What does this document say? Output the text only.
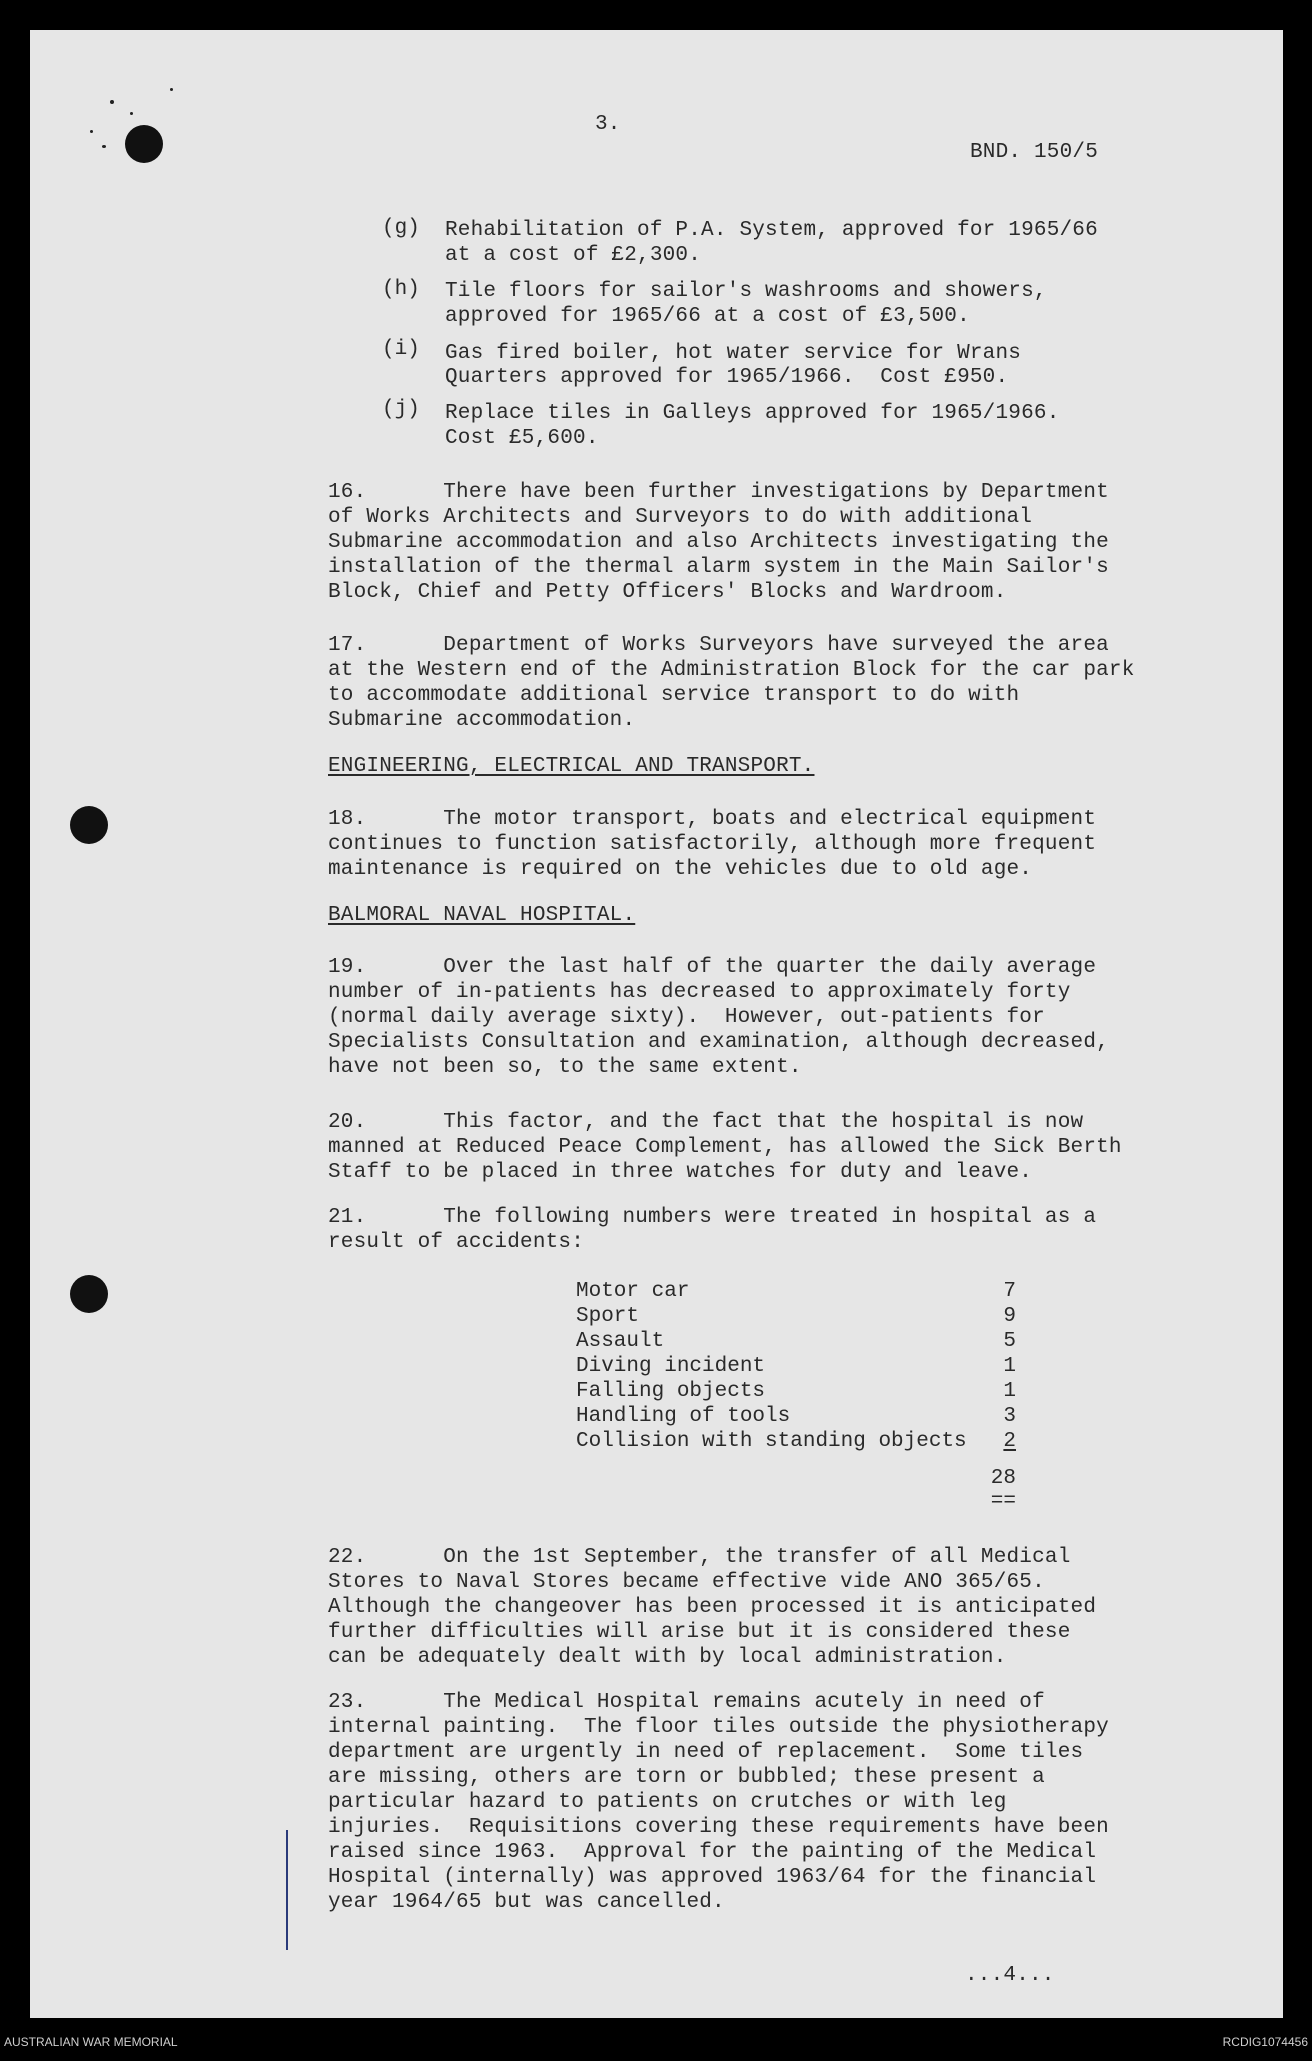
3.
BND. 150/5
(g) Rehabilitation of P.A. System, approved for 1965/66
at a cost of £2,300.
(h) Tile floors for sailor's washrooms and showers,
approved for 1965/66 at a cost of £3,500.
(i) Gas fired boiler, hot water service for Wrans
Quarters approved for 1965/1966.  Cost £950.
(j) Replace tiles in Galleys approved for 1965/1966.
Cost £5,600.
16.      There have been further investigations by Department
of Works Architects and Surveyors to do with additional
Submarine accommodation and also Architects investigating the
installation of the thermal alarm system in the Main Sailor's
Block, Chief and Petty Officers' Blocks and Wardroom.
17.      Department of Works Surveyors have surveyed the area
at the Western end of the Administration Block for the car park
to accommodate additional service transport to do with
Submarine accommodation.
ENGINEERING, ELECTRICAL AND TRANSPORT.
18.      The motor transport, boats and electrical equipment
continues to function satisfactorily, although more frequent
maintenance is required on the vehicles due to old age.
BALMORAL NAVAL HOSPITAL.
19.      Over the last half of the quarter the daily average
number of in-patients has decreased to approximately forty
(normal daily average sixty).  However, out-patients for
Specialists Consultation and examination, although decreased,
have not been so, to the same extent.
20.      This factor, and the fact that the hospital is now
manned at Reduced Peace Complement, has allowed the Sick Berth
Staff to be placed in three watches for duty and leave.
21.      The following numbers were treated in hospital as a
result of accidents:
Motor car	7
Sport	9
Assault	5
Diving incident	1
Falling objects	1
Handling of tools	3
Collision with standing objects	2
28
==
22.      On the 1st September, the transfer of all Medical
Stores to Naval Stores became effective vide ANO 365/65.
Although the changeover has been processed it is anticipated
further difficulties will arise but it is considered these
can be adequately dealt with by local administration.
23.      The Medical Hospital remains acutely in need of
internal painting.  The floor tiles outside the physiotherapy
department are urgently in need of replacement.  Some tiles
are missing, others are torn or bubbled; these present a
particular hazard to patients on crutches or with leg
injuries.  Requisitions covering these requirements have been
raised since 1963.  Approval for the painting of the Medical
Hospital (internally) was approved 1963/64 for the financial
year 1964/65 but was cancelled.
...4...
AUSTRALIAN WAR MEMORIAL	RCDIG1074456
